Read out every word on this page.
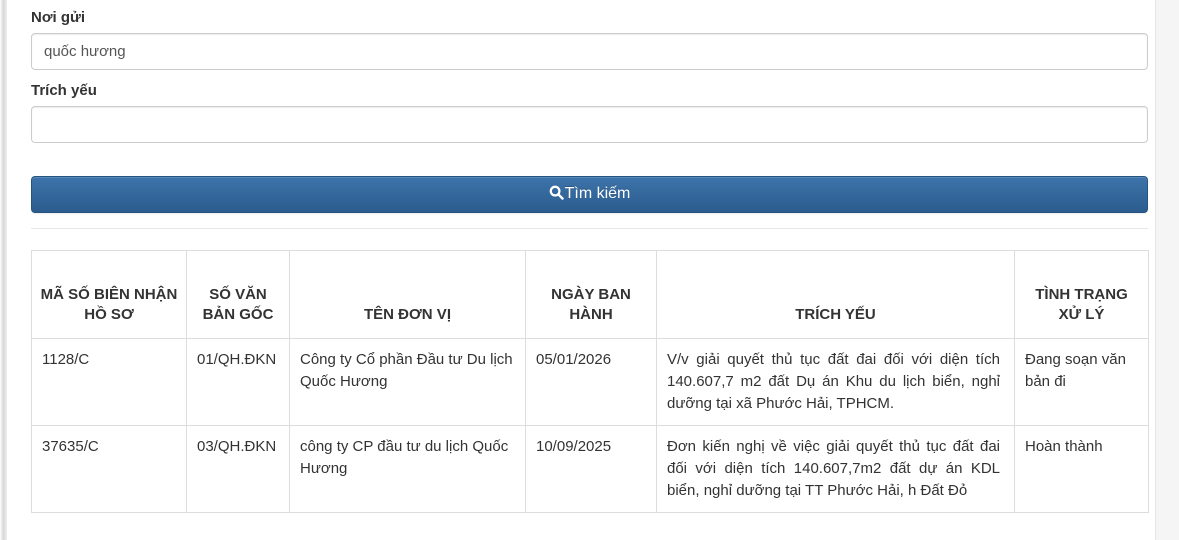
Nơi gửi
quốc hương
Trích yếu
Tìm kiếm
MÃ SỐ BIÊN NHẬN HỒ SƠ	SỐ VĂN BẢN GỐC	TÊN ĐƠN VỊ	NGÀY BAN HÀNH	TRÍCH YẾU	TÌNH TRẠNG XỬ LÝ
1128/C	01/QH.ĐKN	Công ty Cổ phần Đầu tư Du lịch Quốc Hương	05/01/2026	V/v giải quyết thủ tục đất đai đối với diện tích 140.607,7 m2 đất Dụ án Khu du lịch biển, nghỉ dưỡng tại xã Phước Hải, TPHCM.	Đang soạn văn bản đi
37635/C	03/QH.ĐKN	công ty CP đầu tư du lịch Quốc Hương	10/09/2025	Đơn kiến nghị về việc giải quyết thủ tục đất đai đối với diện tích 140.607,7m2 đất dự án KDL biển, nghỉ dưỡng tại TT Phước Hải, h Đất Đỏ	Hoàn thành
